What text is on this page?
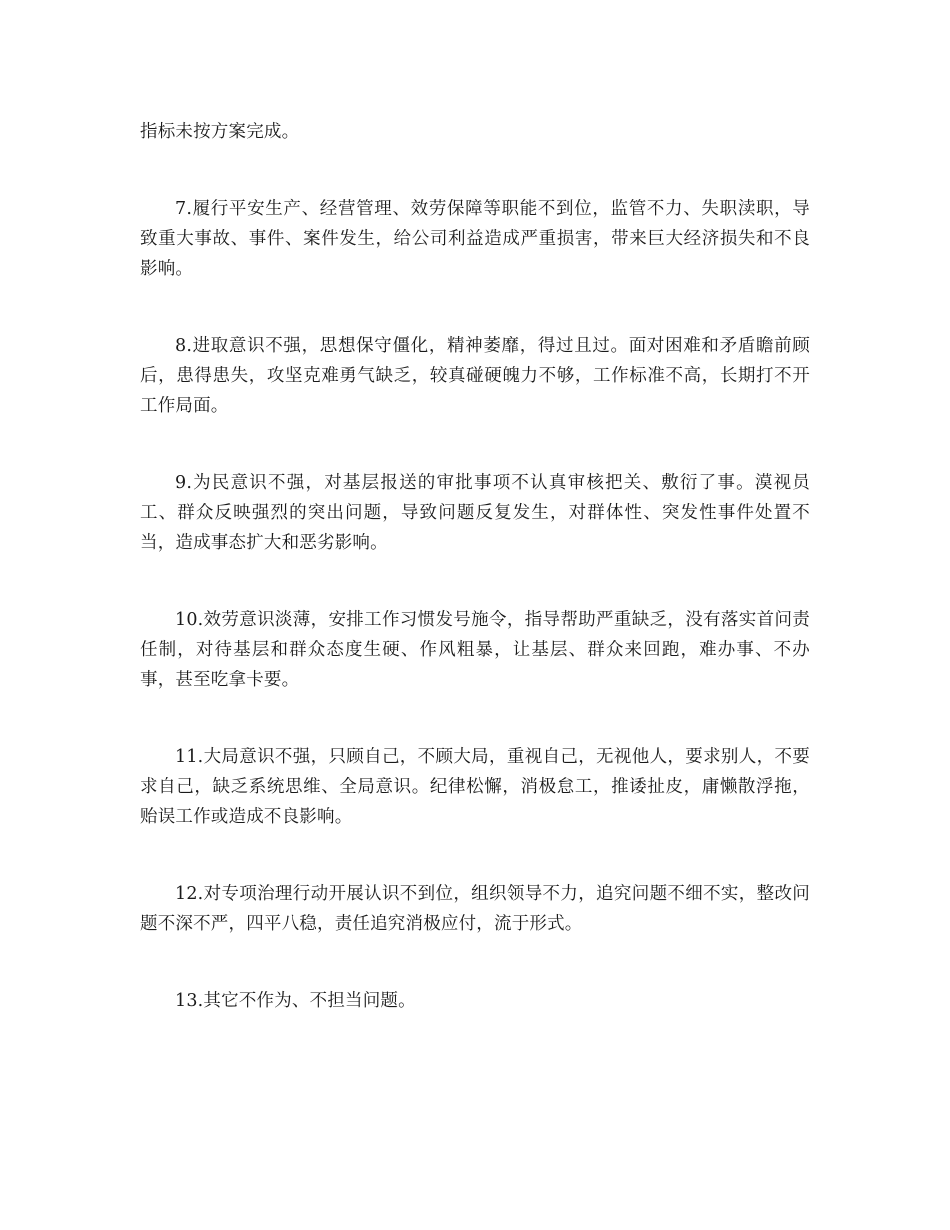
指标未按方案完成。

7.履行平安生产、经营管理、效劳保障等职能不到位，监管不力、失职渎职，导致重大事故、事件、案件发生，给公司利益造成严重损害，带来巨大经济损失和不良影响。

8.进取意识不强，思想保守僵化，精神萎靡，得过且过。面对困难和矛盾瞻前顾后，患得患失，攻坚克难勇气缺乏，较真碰硬魄力不够，工作标准不高，长期打不开工作局面。

9.为民意识不强，对基层报送的审批事项不认真审核把关、敷衍了事。漠视员工、群众反映强烈的突出问题，导致问题反复发生，对群体性、突发性事件处置不当，造成事态扩大和恶劣影响。

10.效劳意识淡薄，安排工作习惯发号施令，指导帮助严重缺乏，没有落实首问责任制，对待基层和群众态度生硬、作风粗暴，让基层、群众来回跑，难办事、不办事，甚至吃拿卡要。

11.大局意识不强，只顾自己，不顾大局，重视自己，无视他人，要求别人，不要求自己，缺乏系统思维、全局意识。纪律松懈，消极怠工，推诿扯皮，庸懒散浮拖，贻误工作或造成不良影响。

12.对专项治理行动开展认识不到位，组织领导不力，追究问题不细不实，整改问题不深不严，四平八稳，责任追究消极应付，流于形式。

13.其它不作为、不担当问题。
